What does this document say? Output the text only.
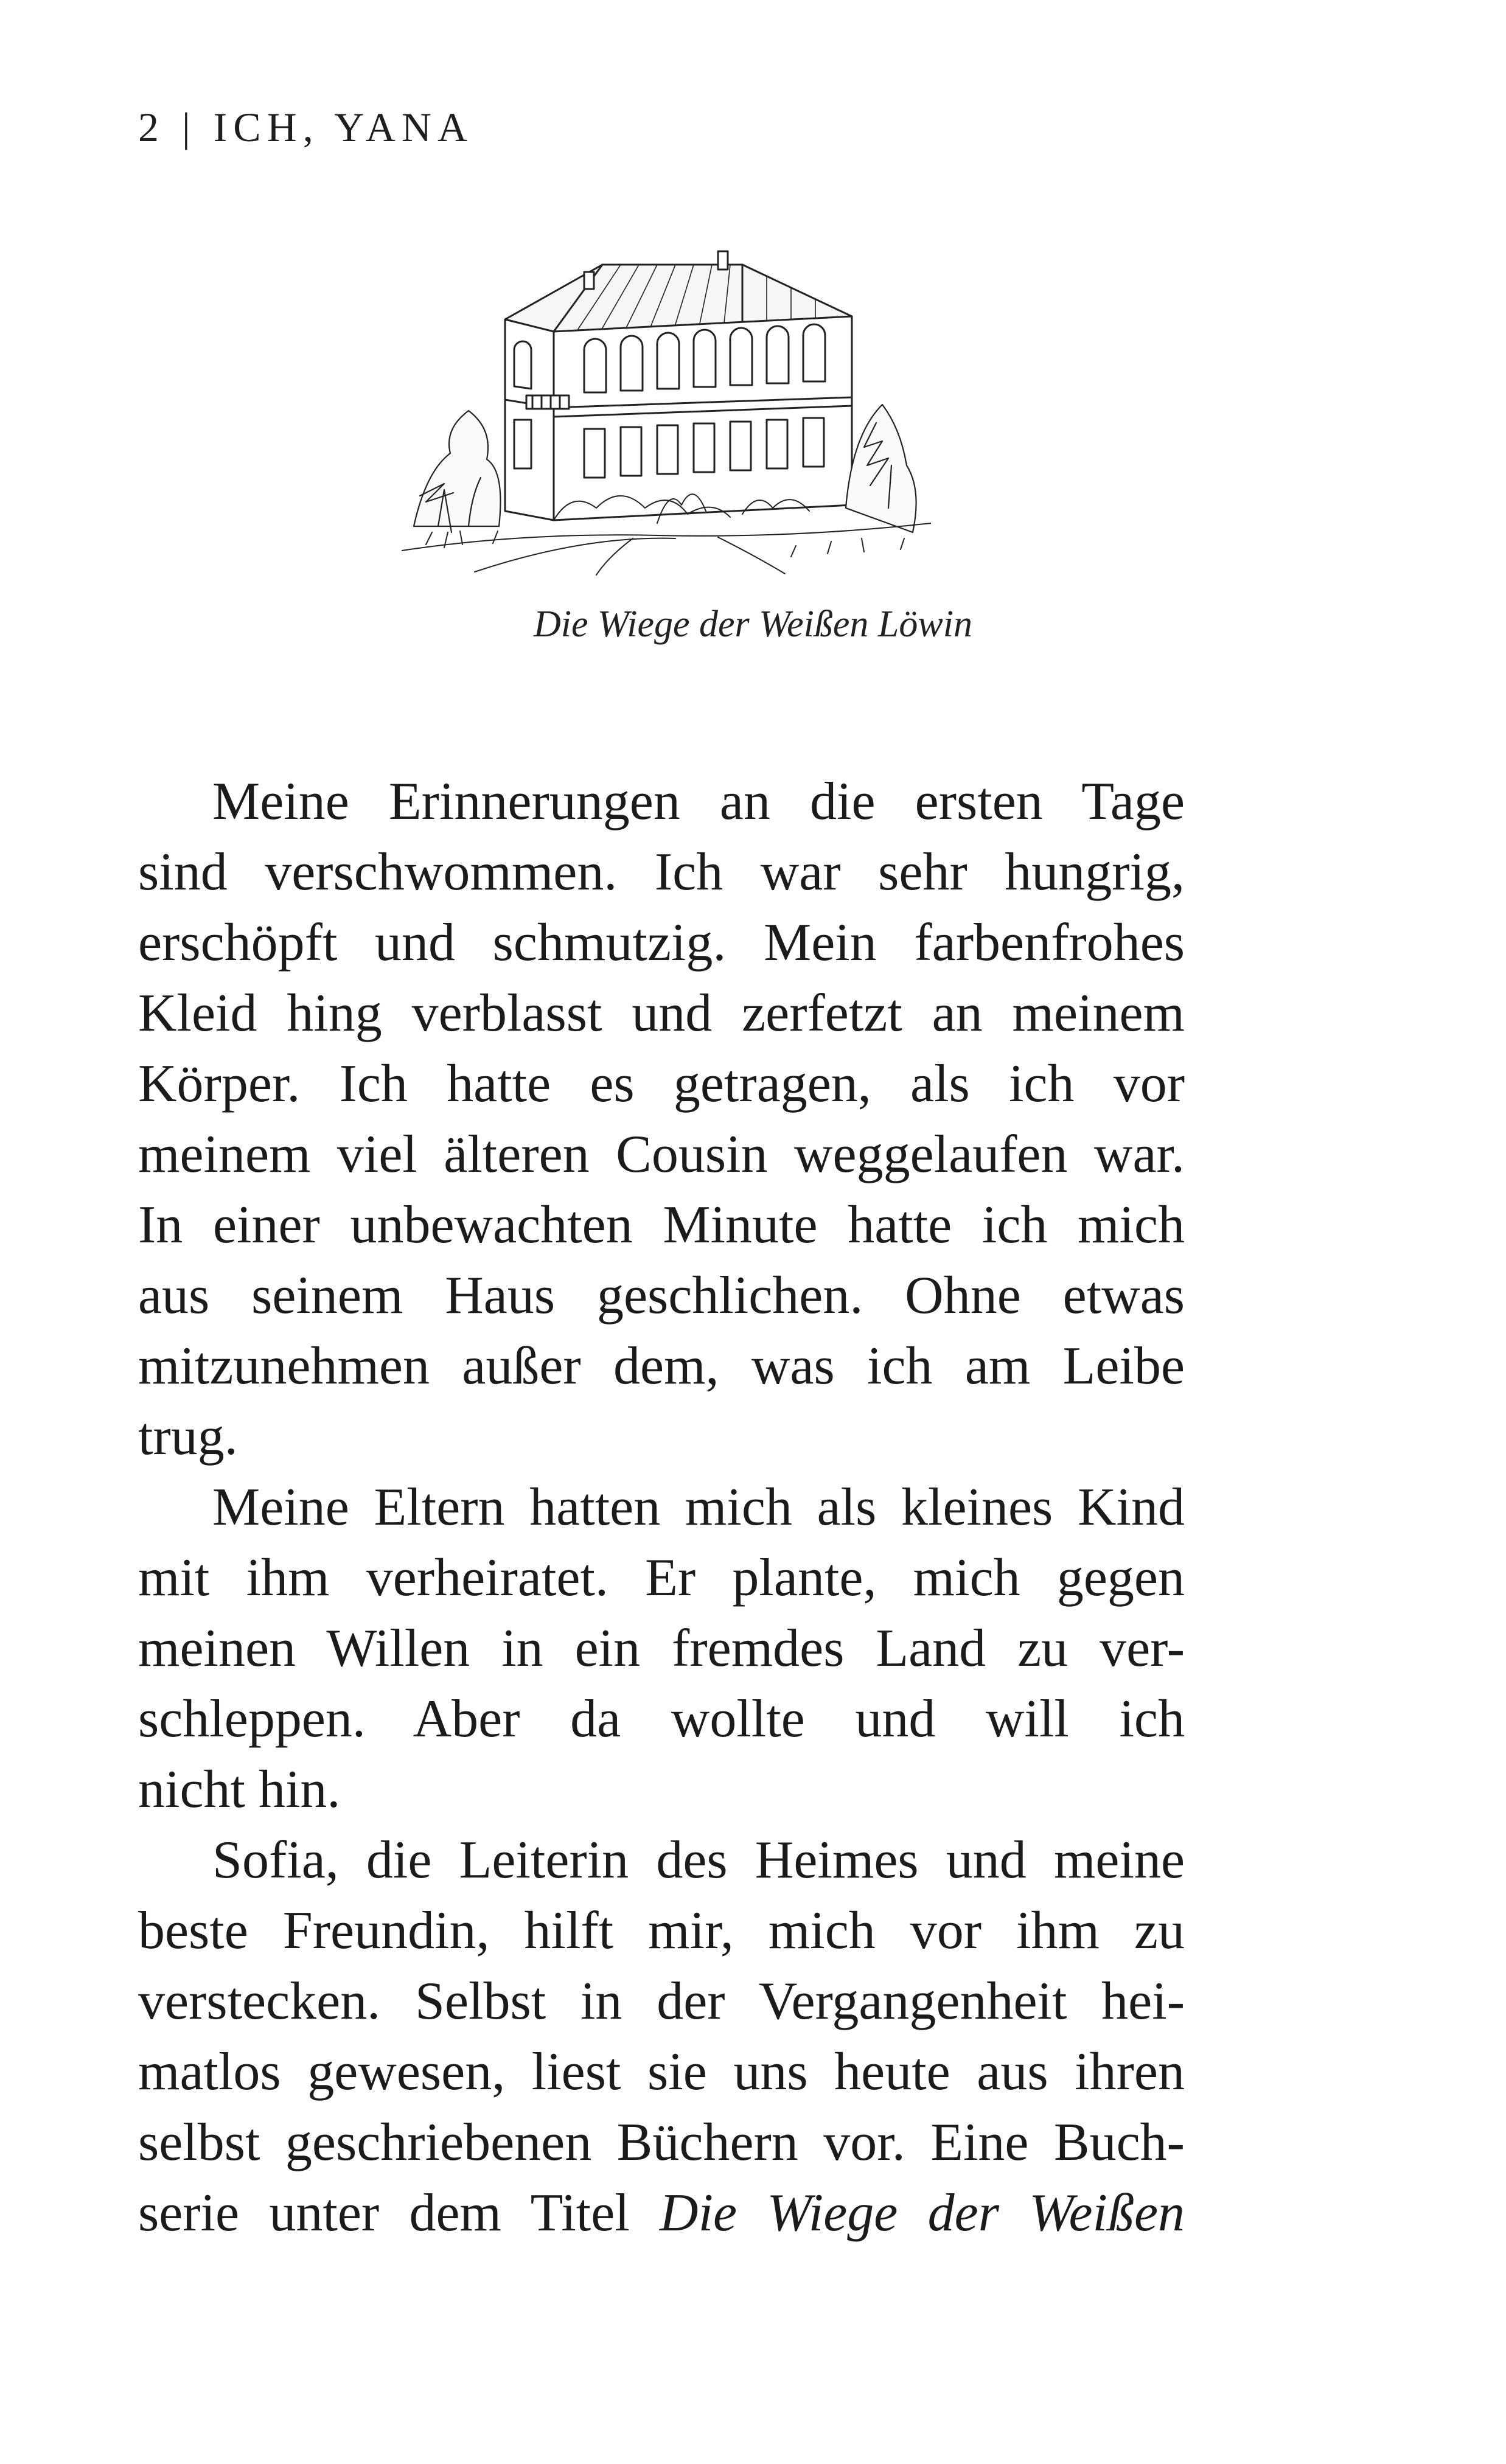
2 | ICH, YANA
Die Wiege der Weißen Löwin
Meine Erinnerungen an die ersten Tage
sind verschwommen. Ich war sehr hungrig,
erschöpft und schmutzig. Mein farbenfrohes
Kleid hing verblasst und zerfetzt an meinem
Körper. Ich hatte es getragen, als ich vor
meinem viel älteren Cousin weggelaufen war.
In einer unbewachten Minute hatte ich mich
aus seinem Haus geschlichen. Ohne etwas
mitzunehmen außer dem, was ich am Leibe
trug.
Meine Eltern hatten mich als kleines Kind
mit ihm verheiratet. Er plante, mich gegen
meinen Willen in ein fremdes Land zu ver-
schleppen. Aber da wollte und will ich
nicht hin.
Sofia, die Leiterin des Heimes und meine
beste Freundin, hilft mir, mich vor ihm zu
verstecken. Selbst in der Vergangenheit hei-
matlos gewesen, liest sie uns heute aus ihren
selbst geschriebenen Büchern vor. Eine Buch-
serie unter dem Titel Die Wiege der Weißen
